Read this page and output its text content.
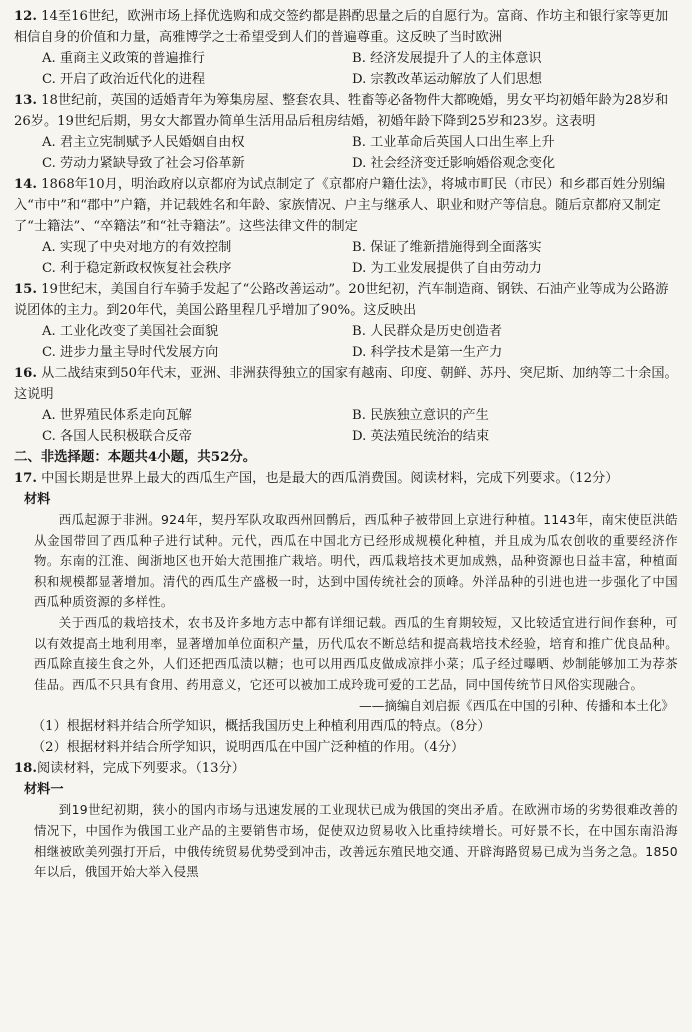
12. 14至16世纪，欧洲市场上择优选购和成交签约都是斟酌思量之后的自愿行为。富商、作坊主和银行家等更加相信自身的价值和力量，高雅博学之士希望受到人们的普遍尊重。这反映了当时欧洲

A. 重商主义政策的普遍推行	B. 经济发展提升了人的主体意识
C. 开启了政治近代化的进程	D. 宗教改革运动解放了人们思想

13. 18世纪前，英国的适婚青年为筹集房屋、整套农具、牲畜等必备物件大都晚婚，男女平均初婚年龄为28岁和26岁。19世纪后期，男女大都置办简单生活用品后租房结婚，初婚年龄下降到25岁和23岁。这表明

A. 君主立宪制赋予人民婚姻自由权	B. 工业革命后英国人口出生率上升
C. 劳动力紧缺导致了社会习俗革新	D. 社会经济变迁影响婚俗观念变化

14. 1868年10月，明治政府以京都府为试点制定了《京都府户籍仕法》，将城市町民（市民）和乡郡百姓分别编入“市中”和“郡中”户籍，并记载姓名和年龄、家族情况、户主与继承人、职业和财产等信息。随后京都府又制定了“士籍法”、“卒籍法”和“社寺籍法”。这些法律文件的制定

A. 实现了中央对地方的有效控制	B. 保证了维新措施得到全面落实
C. 利于稳定新政权恢复社会秩序	D. 为工业发展提供了自由劳动力

15. 19世纪末，美国自行车骑手发起了“公路改善运动”。20世纪初，汽车制造商、钢铁、石油产业等成为公路游说团体的主力。到20年代，美国公路里程几乎增加了90%。这反映出

A. 工业化改变了美国社会面貌	B. 人民群众是历史创造者
C. 进步力量主导时代发展方向	D. 科学技术是第一生产力

16. 从二战结束到50年代末，亚洲、非洲获得独立的国家有越南、印度、朝鲜、苏丹、突尼斯、加纳等二十余国。这说明

A. 世界殖民体系走向瓦解	B. 民族独立意识的产生
C. 各国人民积极联合反帝	D. 英法殖民统治的结束

二、非选择题：本题共4小题，共52分。

17. 中国长期是世界上最大的西瓜生产国，也是最大的西瓜消费国。阅读材料，完成下列要求。（12分）

材料

西瓜起源于非洲。924年，契丹军队攻取西州回鹘后，西瓜种子被带回上京进行种植。1143年，南宋使臣洪皓从金国带回了西瓜种子进行试种。元代，西瓜在中国北方已经形成规模化种植，并且成为瓜农创收的重要经济作物。东南的江淮、闽浙地区也开始大范围推广栽培。明代，西瓜栽培技术更加成熟，品种资源也日益丰富，种植面积和规模都显著增加。清代的西瓜生产盛极一时，达到中国传统社会的顶峰。外洋品种的引进也进一步强化了中国西瓜种质资源的多样性。

关于西瓜的栽培技术，农书及许多地方志中都有详细记载。西瓜的生育期较短，又比较适宜进行间作套种，可以有效提高土地利用率，显著增加单位面积产量，历代瓜农不断总结和提高栽培技术经验，培育和推广优良品种。西瓜除直接生食之外，人们还把西瓜渍以糖；也可以用西瓜皮做成凉拌小菜；瓜子经过曝晒、炒制能够加工为荐茶佳品。西瓜不只具有食用、药用意义，它还可以被加工成玲珑可爱的工艺品，同中国传统节日风俗实现融合。

——摘编自刘启振《西瓜在中国的引种、传播和本土化》

（1）根据材料并结合所学知识，概括我国历史上种植利用西瓜的特点。（8分）

（2）根据材料并结合所学知识，说明西瓜在中国广泛种植的作用。（4分）

18.阅读材料，完成下列要求。（13分）

材料一

到19世纪初期，狭小的国内市场与迅速发展的工业现状已成为俄国的突出矛盾。在欧洲市场的劣势很难改善的情况下，中国作为俄国工业产品的主要销售市场，促使双边贸易收入比重持续增长。可好景不长，在中国东南沿海相继被欧美列强打开后，中俄传统贸易优势受到冲击，改善远东殖民地交通、开辟海路贸易已成为当务之急。1850年以后，俄国开始大举入侵黑
